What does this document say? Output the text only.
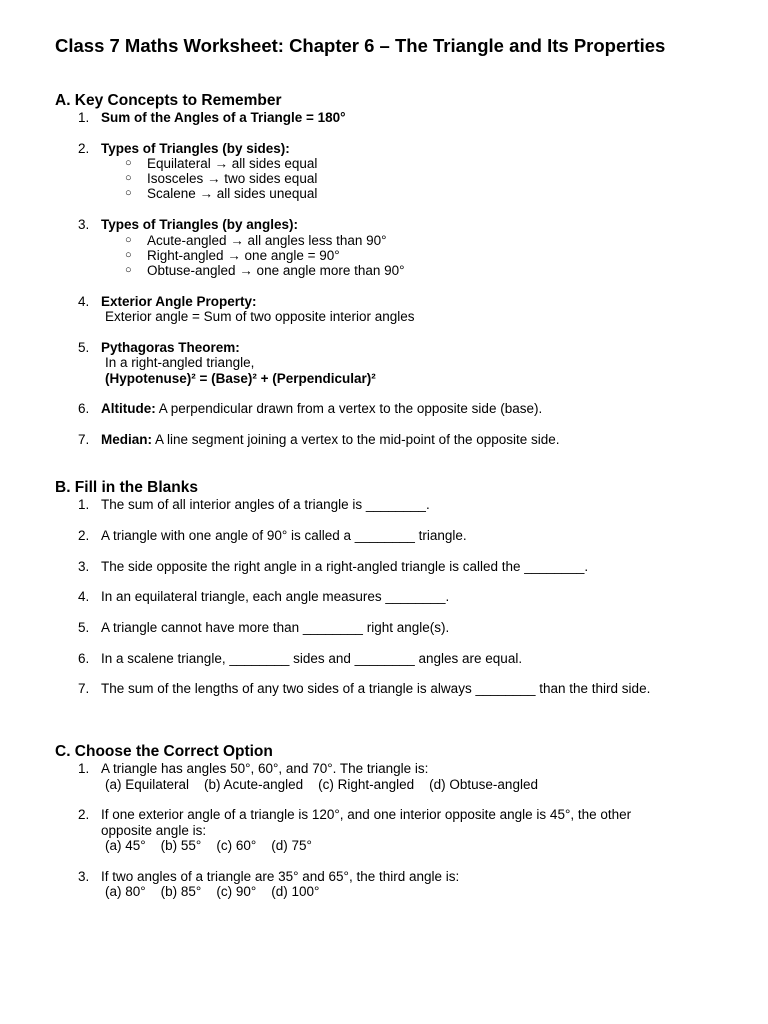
Class 7 Maths Worksheet: Chapter 6 – The Triangle and Its Properties
A. Key Concepts to Remember
1. Sum of the Angles of a Triangle = 180°
2. Types of Triangles (by sides):
○ Equilateral → all sides equal
○ Isosceles → two sides equal
○ Scalene → all sides unequal
3. Types of Triangles (by angles):
○ Acute-angled → all angles less than 90°
○ Right-angled → one angle = 90°
○ Obtuse-angled → one angle more than 90°
4. Exterior Angle Property:
Exterior angle = Sum of two opposite interior angles
5. Pythagoras Theorem:
In a right-angled triangle,
(Hypotenuse)² = (Base)² + (Perpendicular)²
6. Altitude: A perpendicular drawn from a vertex to the opposite side (base).
7. Median: A line segment joining a vertex to the mid-point of the opposite side.
B. Fill in the Blanks
1. The sum of all interior angles of a triangle is ________.
2. A triangle with one angle of 90° is called a ________ triangle.
3. The side opposite the right angle in a right-angled triangle is called the ________.
4. In an equilateral triangle, each angle measures ________.
5. A triangle cannot have more than ________ right angle(s).
6. In a scalene triangle, ________ sides and ________ angles are equal.
7. The sum of the lengths of any two sides of a triangle is always ________ than the third side.
C. Choose the Correct Option
1. A triangle has angles 50°, 60°, and 70°. The triangle is:
(a) Equilateral    (b) Acute-angled    (c) Right-angled    (d) Obtuse-angled
2. If one exterior angle of a triangle is 120°, and one interior opposite angle is 45°, the other opposite angle is:
(a) 45°    (b) 55°    (c) 60°    (d) 75°
3. If two angles of a triangle are 35° and 65°, the third angle is:
(a) 80°    (b) 85°    (c) 90°    (d) 100°
